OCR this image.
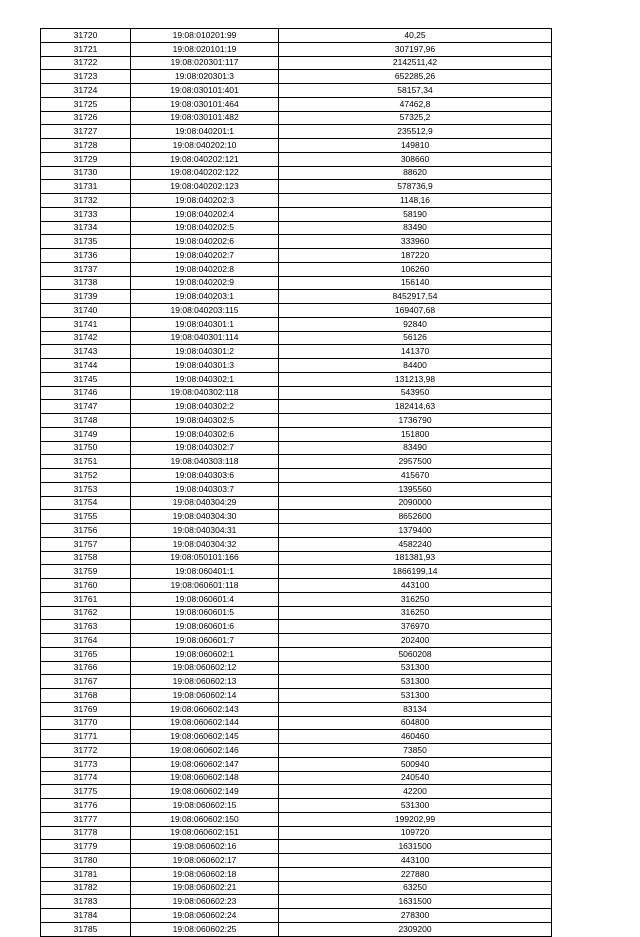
31720	19:08:010201:99	40,25
31721	19:08:020101:19	307197,96
31722	19:08:020301:117	2142511,42
31723	19:08:020301:3	652285,26
31724	19:08:030101:401	58157,34
31725	19:08:030101:464	47462,8
31726	19:08:030101:482	57325,2
31727	19:08:040201:1	235512,9
31728	19:08:040202:10	149810
31729	19:08:040202:121	308660
31730	19:08:040202:122	88620
31731	19:08:040202:123	578736,9
31732	19:08:040202:3	1148,16
31733	19:08:040202:4	58190
31734	19:08:040202:5	83490
31735	19:08:040202:6	333960
31736	19:08:040202:7	187220
31737	19:08:040202:8	106260
31738	19:08:040202:9	156140
31739	19:08:040203:1	8452917,54
31740	19:08:040203:115	169407,68
31741	19:08:040301:1	92840
31742	19:08:040301:114	56126
31743	19:08:040301:2	141370
31744	19:08:040301:3	84400
31745	19:08:040302:1	131213,98
31746	19:08:040302:118	543950
31747	19:08:040302:2	182414,63
31748	19:08:040302:5	1736790
31749	19:08:040302:6	151800
31750	19:08:040302:7	83490
31751	19:08:040303:118	2957500
31752	19:08:040303:6	415670
31753	19:08:040303:7	1395560
31754	19:08:040304:29	2090000
31755	19:08:040304:30	8652600
31756	19:08:040304:31	1379400
31757	19:08:040304:32	4582240
31758	19:08:050101:166	181381,93
31759	19:08:060401:1	1866199,14
31760	19:08:060601:118	443100
31761	19:08:060601:4	316250
31762	19:08:060601:5	316250
31763	19:08:060601:6	376970
31764	19:08:060601:7	202400
31765	19:08:060602:1	5060208
31766	19:08:060602:12	531300
31767	19:08:060602:13	531300
31768	19:08:060602:14	531300
31769	19:08:060602:143	83134
31770	19:08:060602:144	604800
31771	19:08:060602:145	460460
31772	19:08:060602:146	73850
31773	19:08:060602:147	500940
31774	19:08:060602:148	240540
31775	19:08:060602:149	42200
31776	19:08:060602:15	531300
31777	19:08:060602:150	199202,99
31778	19:08:060602:151	109720
31779	19:08:060602:16	1631500
31780	19:08:060602:17	443100
31781	19:08:060602:18	227880
31782	19:08:060602:21	63250
31783	19:08:060602:23	1631500
31784	19:08:060602:24	278300
31785	19:08:060602:25	2309200
